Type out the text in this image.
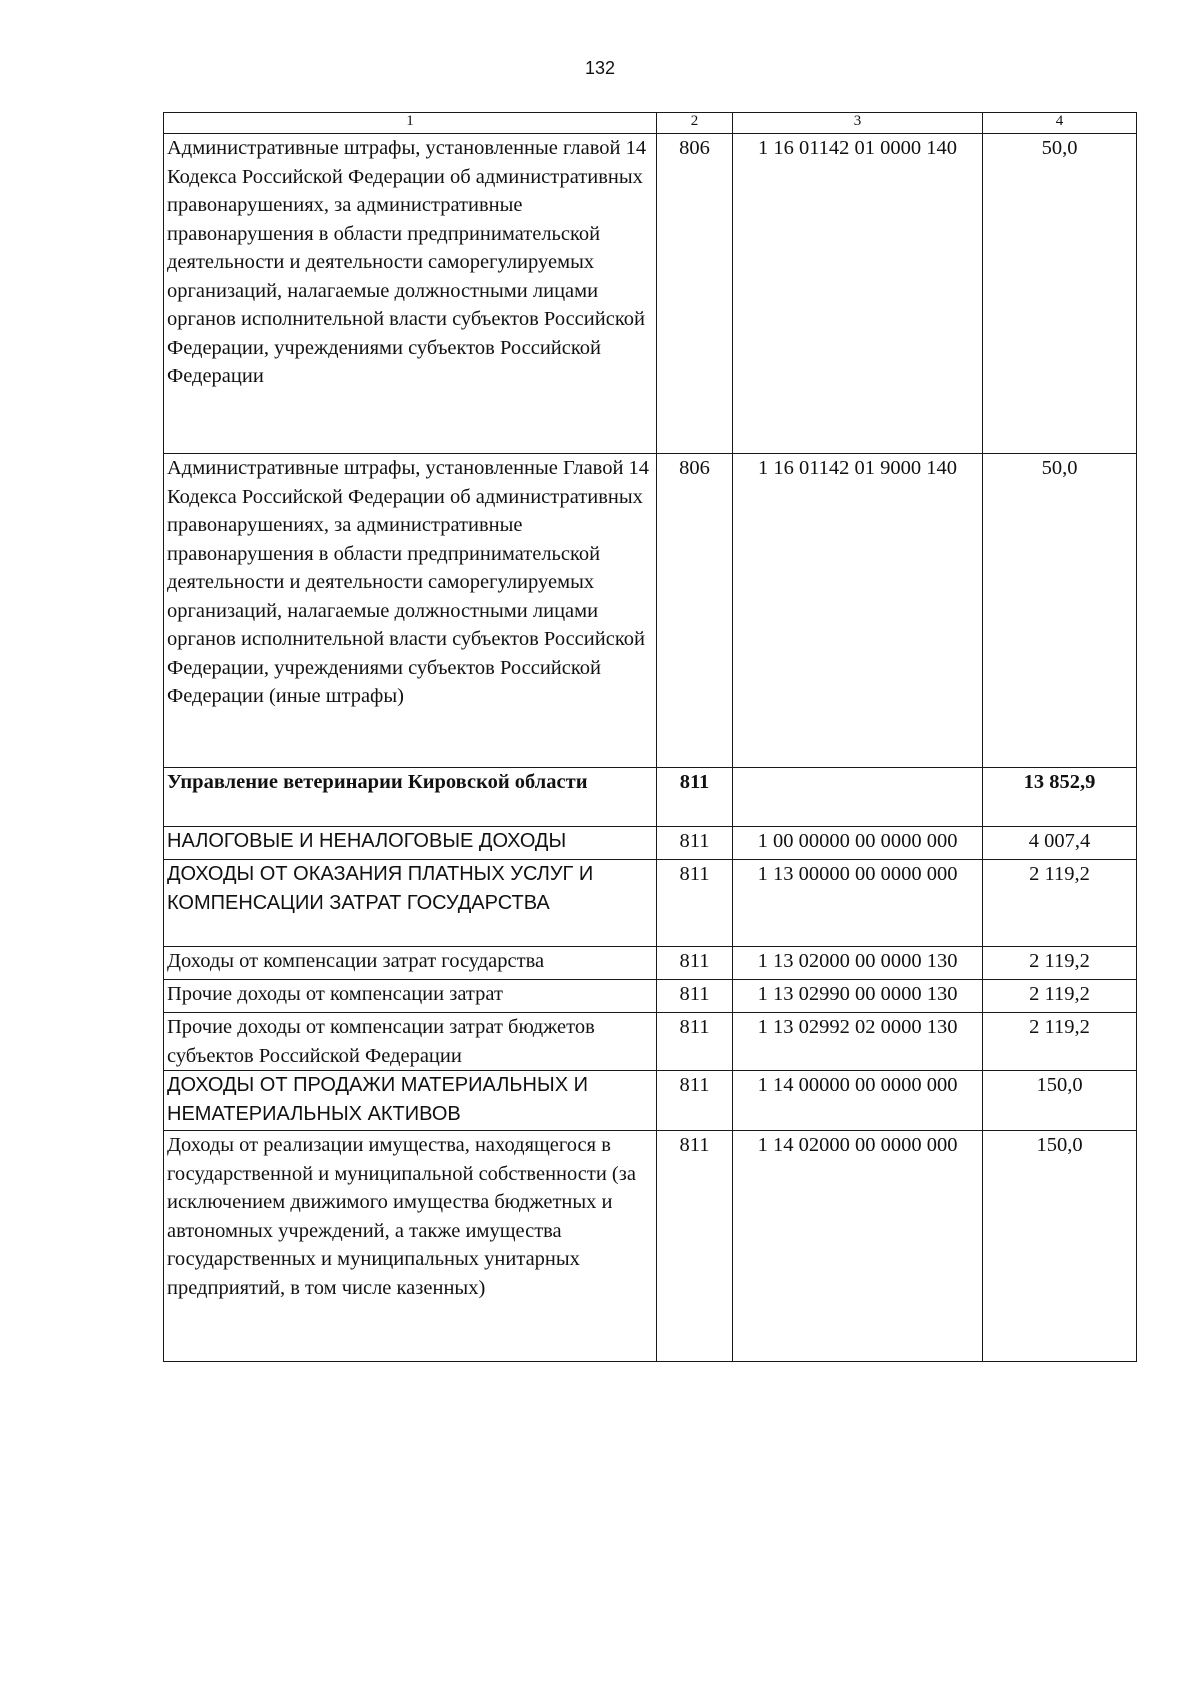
132
1	2	3	4
Административные штрафы, установленные главой 14 Кодекса Российской Федерации об административных правонарушениях, за административные правонарушения в области предпринимательской деятельности и деятельности саморегулируемых организаций, налагаемые должностными лицами органов исполнительной власти субъектов Российской Федерации, учреждениями субъектов Российской Федерации	806	1 16 01142 01 0000 140	50,0
Административные штрафы, установленные Главой 14 Кодекса Российской Федерации об административных правонарушениях, за административные правонарушения в области предпринимательской деятельности и деятельности саморегулируемых организаций, налагаемые должностными лицами органов исполнительной власти субъектов Российской Федерации, учреждениями субъектов Российской Федерации (иные штрафы)	806	1 16 01142 01 9000 140	50,0
Управление ветеринарии Кировской области	811		13 852,9
НАЛОГОВЫЕ И НЕНАЛОГОВЫЕ ДОХОДЫ	811	1 00 00000 00 0000 000	4 007,4
ДОХОДЫ ОТ ОКАЗАНИЯ ПЛАТНЫХ УСЛУГ И КОМПЕНСАЦИИ ЗАТРАТ ГОСУДАРСТВА	811	1 13 00000 00 0000 000	2 119,2
Доходы от компенсации затрат государства	811	1 13 02000 00 0000 130	2 119,2
Прочие доходы от компенсации затрат	811	1 13 02990 00 0000 130	2 119,2
Прочие доходы от компенсации затрат бюджетов субъектов Российской Федерации	811	1 13 02992 02 0000 130	2 119,2
ДОХОДЫ ОТ ПРОДАЖИ МАТЕРИАЛЬНЫХ И НЕМАТЕРИАЛЬНЫХ АКТИВОВ	811	1 14 00000 00 0000 000	150,0
Доходы от реализации имущества, находящегося в государственной и муниципальной собственности (за исключением движимого имущества бюджетных и автономных учреждений, а также имущества государственных и муниципальных унитарных предприятий, в том числе казенных)	811	1 14 02000 00 0000 000	150,0
